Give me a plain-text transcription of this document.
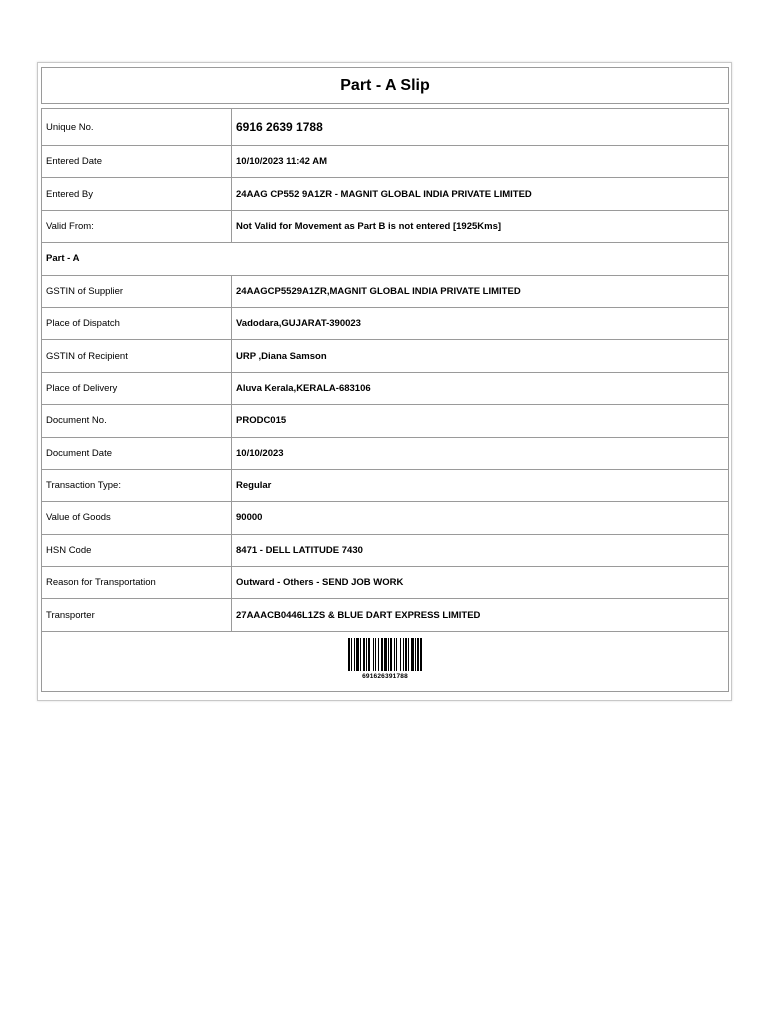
Part - A Slip
Unique No.	6916 2639 1788
Entered Date	10/10/2023 11:42 AM
Entered By	24AAG CP552 9A1ZR - MAGNIT GLOBAL INDIA PRIVATE LIMITED
Valid From:	Not Valid for Movement as Part B is not entered [1925Kms]
Part - A
GSTIN of Supplier	24AAGCP5529A1ZR,MAGNIT GLOBAL INDIA PRIVATE LIMITED
Place of Dispatch	Vadodara,GUJARAT-390023
GSTIN of Recipient	URP ,Diana Samson
Place of Delivery	Aluva Kerala,KERALA-683106
Document No.	PRODC015
Document Date	10/10/2023
Transaction Type:	Regular
Value of Goods	90000
HSN Code	8471 - DELL LATITUDE 7430
Reason for Transportation	Outward - Others - SEND JOB WORK
Transporter	27AAACB0446L1ZS & BLUE DART EXPRESS LIMITED
691626391788
